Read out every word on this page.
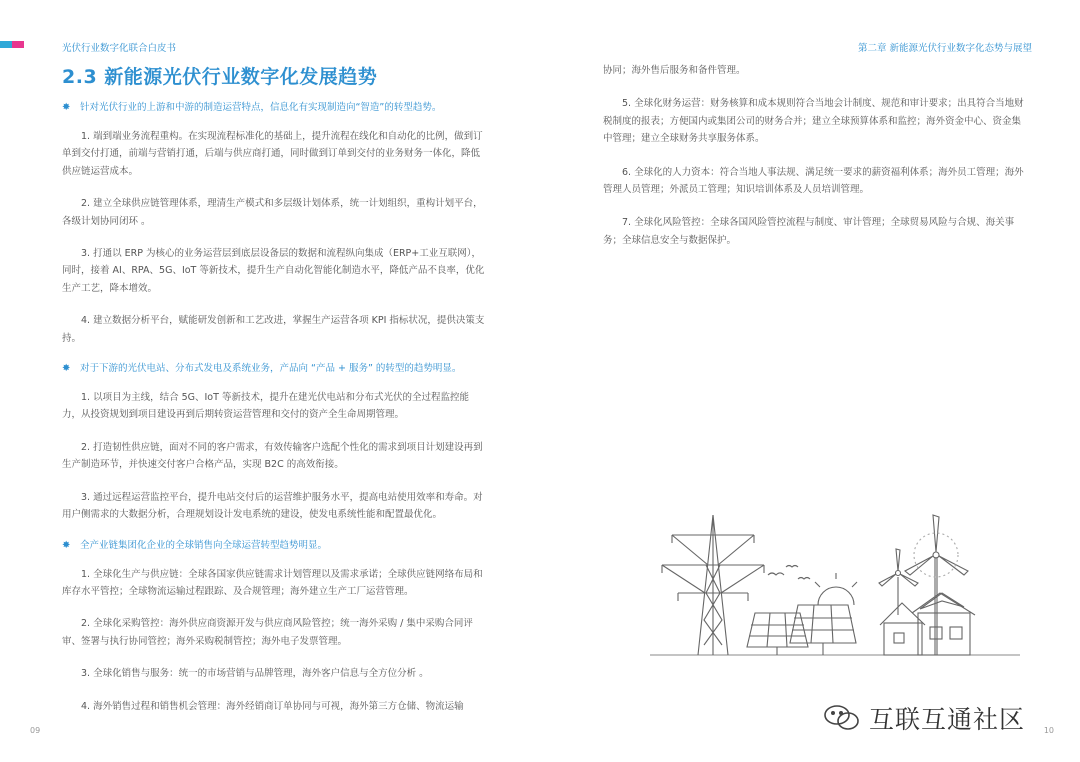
光伏行业数字化联合白皮书	第二章 新能源光伏行业数字化态势与展望
2.3 新能源光伏行业数字化发展趋势
✸	针对光伏行业的上游和中游的制造运营特点，信息化有实现制造向“智造”的转型趋势。

1. 端到端业务流程重构。在实现流程标准化的基础上，提升流程在线化和自动化的比例，做到订单到交付打通，前端与营销打通，后端与供应商打通，同时做到订单到交付的业务财务一体化，降低供应链运营成本。

2. 建立全球供应链管理体系，理清生产模式和多层级计划体系，统一计划组织，重构计划平台，各级计划协同闭环 。

3. 打通以 ERP 为核心的业务运营层到底层设备层的数据和流程纵向集成（ERP+工业互联网），同时，接着 AI、RPA、5G、IoT 等新技术，提升生产自动化智能化制造水平，降低产品不良率，优化生产工艺，降本增效。

4. 建立数据分析平台，赋能研发创新和工艺改进，掌握生产运营各项 KPI 指标状况，提供决策支持。

✸	对于下游的光伏电站、分布式发电及系统业务，产品向 “产品 + 服务” 的转型的趋势明显。

1. 以项目为主线，结合 5G、IoT 等新技术，提升在建光伏电站和分布式光伏的全过程监控能力，从投资规划到项目建设再到后期转资运营管理和交付的资产全生命周期管理。

2. 打造韧性供应链，面对不同的客户需求，有效传输客户选配个性化的需求到项目计划建设再到生产制造环节，并快速交付客户合格产品，实现 B2C 的高效衔接。

3. 通过远程运营监控平台，提升电站交付后的运营维护服务水平，提高电站使用效率和寿命。对用户侧需求的大数据分析，合理规划设计发电系统的建设，使发电系统性能和配置最优化。

✸	全产业链集团化企业的全球销售向全球运营转型趋势明显。

1. 全球化生产与供应链：全球各国家供应链需求计划管理以及需求承诺；全球供应链网络布局和库存水平管控；全球物流运输过程跟踪、及合规管理；海外建立生产工厂运营管理。

2. 全球化采购管控：海外供应商资源开发与供应商风险管控；统一海外采购 / 集中采购合同评审、签署与执行协同管控；海外采购税制管控；海外电子发票管理。

3. 全球化销售与服务：统一的市场营销与品牌管理，海外客户信息与全方位分析 。

4. 海外销售过程和销售机会管理：海外经销商订单协同与可视，海外第三方仓储、物流运输

协同；海外售后服务和备件管理。

5. 全球化财务运营：财务核算和成本规则符合当地会计制度、规范和审计要求；出具符合当地财税制度的报表；方便国内或集团公司的财务合并；建立全球预算体系和监控；海外资金中心、资金集中管理；建立全球财务共享服务体系。

6. 全球化的人力资本：符合当地人事法规、满足统一要求的薪资福利体系；海外员工管理；海外管理人员管理；外派员工管理；知识培训体系及人员培训管理。

7. 全球化风险管控：全球各国风险管控流程与制度、审计管理；全球贸易风险与合规、海关事务；全球信息安全与数据保护。

互联互通社区
09	10
